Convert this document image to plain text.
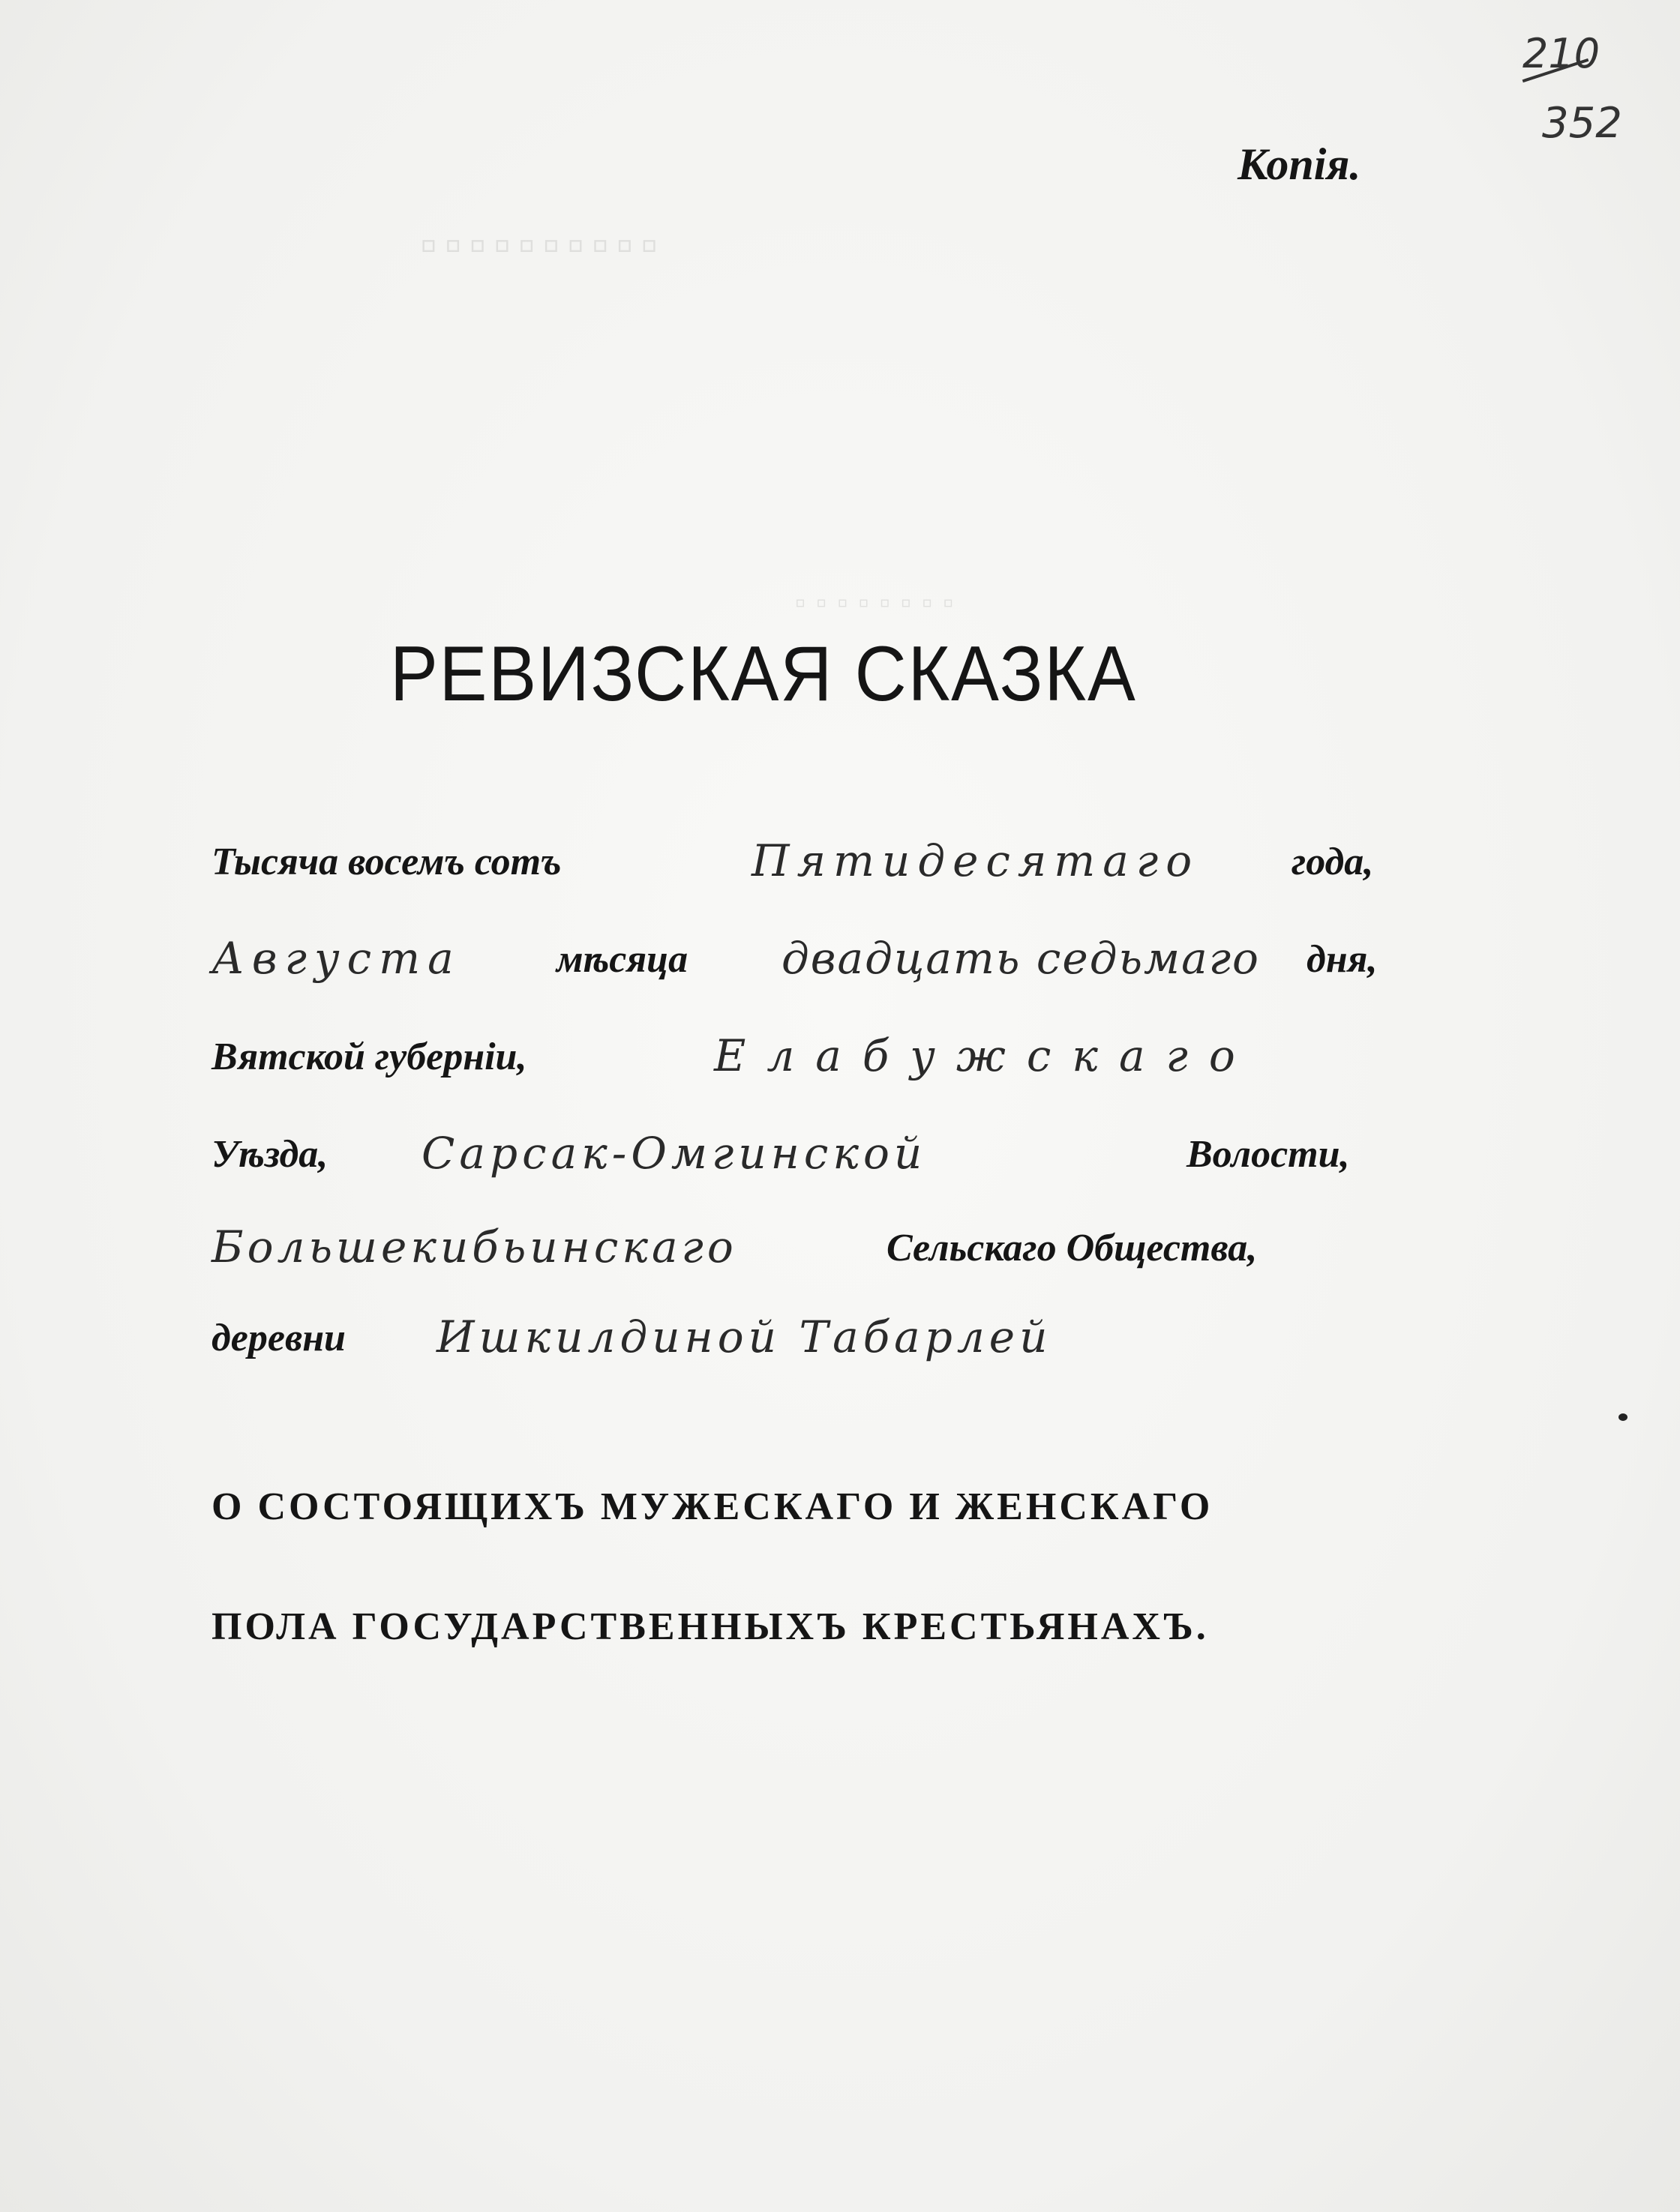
▫▫▫▫▫▫▫▫▫▫
▫▫▫▫▫▫▫▫
210
352
Копія.
РЕВИЗСКАЯ СКАЗКА
Тысяча восемъ сотъ	Пятидесятаго года,
Августа мѣсяца двадцать седьмаго дня,
Вятской губерніи,	Елабужскаго
Уѣзда, Сарсак-Омгинской	Волости,
Большекибьинскаго	Сельскаго Общества,
деревни Ишкилдиной Табарлей
О СОСТОЯЩИХЪ МУЖЕСКАГО И ЖЕНСКАГО
ПОЛА ГОСУДАРСТВЕННЫХЪ КРЕСТЬЯНАХЪ.
